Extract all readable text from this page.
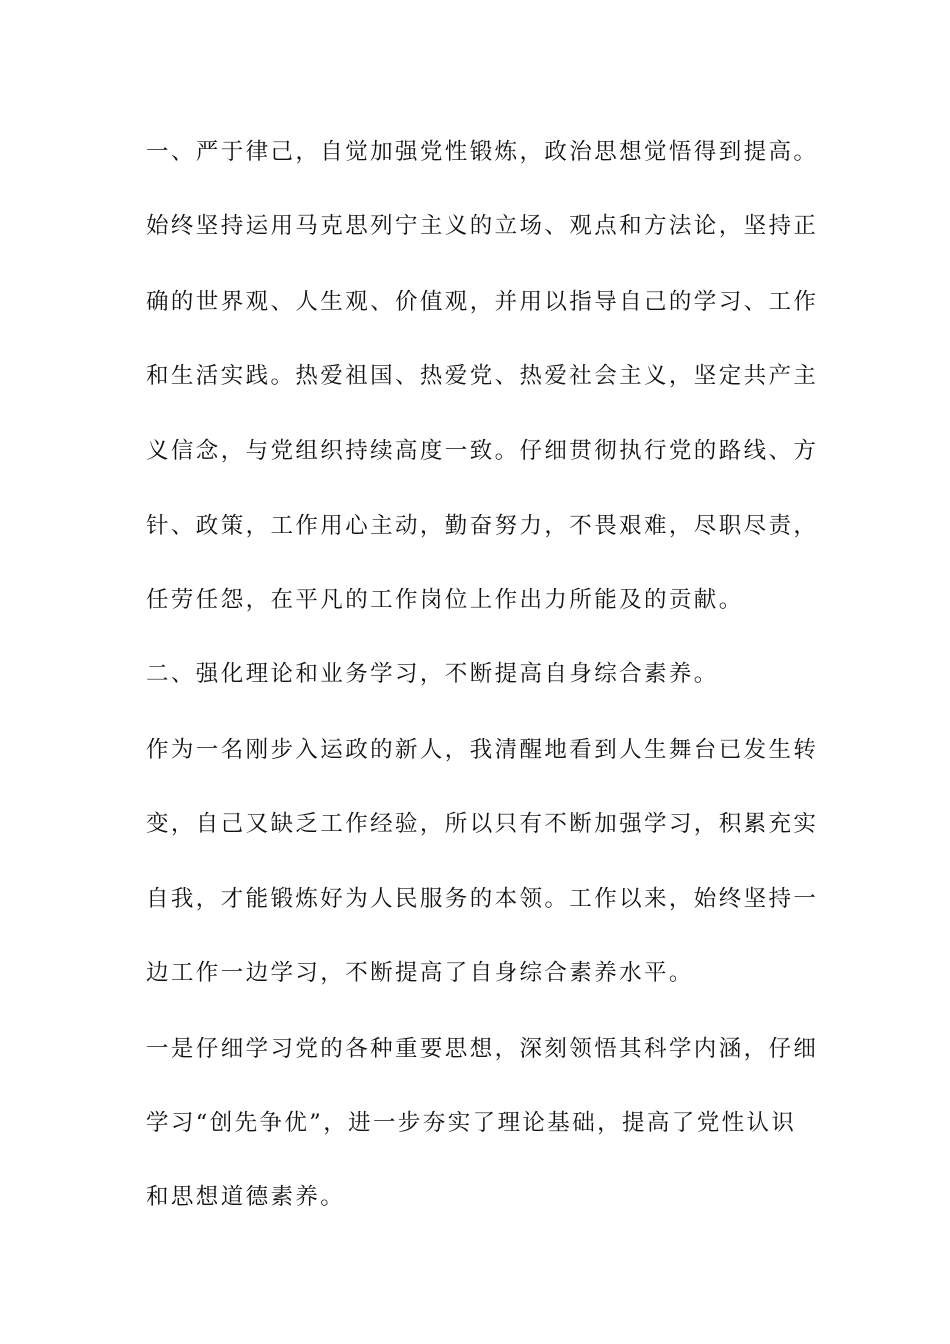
一、严于律己，自觉加强党性锻炼，政治思想觉悟得到提高。
始终坚持运用马克思列宁主义的立场、观点和方法论，坚持正
确的世界观、人生观、价值观，并用以指导自己的学习、工作
和生活实践。热爱祖国、热爱党、热爱社会主义，坚定共产主
义信念，与党组织持续高度一致。仔细贯彻执行党的路线、方
针、政策，工作用心主动，勤奋努力，不畏艰难，尽职尽责，
任劳任怨，在平凡的工作岗位上作出力所能及的贡献。
二、强化理论和业务学习，不断提高自身综合素养。
作为一名刚步入运政的新人，我清醒地看到人生舞台已发生转
变，自己又缺乏工作经验，所以只有不断加强学习，积累充实
自我，才能锻炼好为人民服务的本领。工作以来，始终坚持一
边工作一边学习，不断提高了自身综合素养水平。
一是仔细学习党的各种重要思想，深刻领悟其科学内涵，仔细
学习“创先争优”，进一步夯实了理论基础，提高了党性认识
和思想道德素养。
